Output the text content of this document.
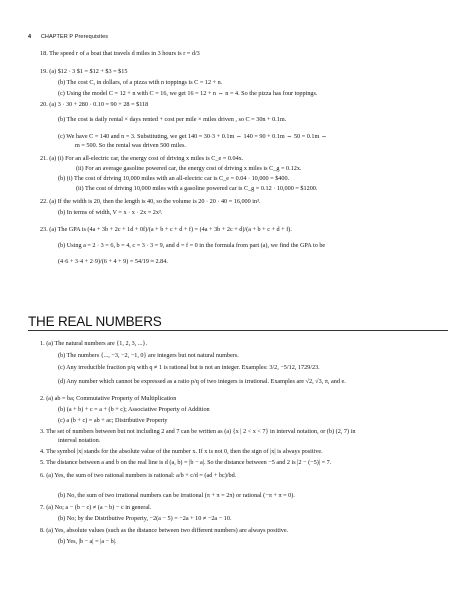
4 CHAPTER P Prerequisites
18. The speed r of a boat that travels d miles in 3 hours is r = d/3
19. (a) $12 · 3 $1 = $12 + $3 = $15
(b) The cost C, in dollars, of a pizza with n toppings is C = 12 + n.
(c) Using the model C = 12 + n with C = 16, we get 16 = 12 + n ⇔ n = 4. So the pizza has four toppings.
20. (a) 3 · 30 + 280 · 0.10 = 90 + 28 = $118
(b) The cost is daily rental × days rented + cost per mile × miles driven , so C = 30n + 0.1m.
(c) We have C = 140 and n = 3. Substituting, we get 140 = 30·3 + 0.1m ⇔ 140 = 90 + 0.1m ⇔ 50 = 0.1m ⇔
m = 500. So the rental was driven 500 miles.
21. (a) (i) For an all-electric car, the energy cost of driving x miles is C_e = 0.04x.
(ii) For an average gasoline powered car, the energy cost of driving x miles is C_g = 0.12x.
(b) (i) The cost of driving 10,000 miles with an all-electric car is C_e = 0.04 · 10,000 = $400.
(ii) The cost of driving 10,000 miles with a gasoline powered car is C_g = 0.12 · 10,000 = $1200.
22. (a) If the width is 20, then the length is 40, so the volume is 20 · 20 · 40 = 16,000 in³.
(b) In terms of width, V = x · x · 2x = 2x³.
23. (a) The GPA is (4a + 3b + 2c + 1d + 0f)/(a + b + c + d + f) = (4a + 3b + 2c + d)/(a + b + c + d + f).
(b) Using a = 2 · 3 = 6, b = 4, c = 3 · 3 = 9, and d = f = 0 in the formula from part (a), we find the GPA to be
(4·6 + 3·4 + 2·9)/(6 + 4 + 9) = 54/19 ≈ 2.84.
THE REAL NUMBERS
1. (a) The natural numbers are {1, 2, 3, ...}.
(b) The numbers {..., −3, −2, −1, 0} are integers but not natural numbers.
(c) Any irreducible fraction p/q with q ≠ 1 is rational but is not an integer. Examples: 3/2, −5/12, 1729/23.
(d) Any number which cannot be expressed as a ratio p/q of two integers is irrational. Examples are √2, √3, π, and e.
2. (a) ab = ba; Commutative Property of Multiplication
(b) (a + b) + c = a + (b + c); Associative Property of Addition
(c) a (b + c) = ab + ac; Distributive Property
3. The set of numbers between but not including 2 and 7 can be written as (a) {x | 2 < x < 7} in interval notation, or (b) (2, 7) in
interval notation.
4. The symbol |x| stands for the absolute value of the number x. If x is not 0, then the sign of |x| is always positive.
5. The distance between a and b on the real line is d (a, b) = |b − a|. So the distance between −5 and 2 is |2 − (−5)| = 7.
6. (a) Yes, the sum of two rational numbers is rational: a/b + c/d = (ad + bc)/bd.
(b) No, the sum of two irrational numbers can be irrational (π + π = 2π) or rational (−π + π = 0).
7. (a) No; a − (b − c) ≠ (a − b) − c in general.
(b) No; by the Distributive Property, −2(a − 5) = −2a + 10 ≠ −2a − 10.
8. (a) Yes, absolute values (such as the distance between two different numbers) are always positive.
(b) Yes, |b − a| = |a − b|.
